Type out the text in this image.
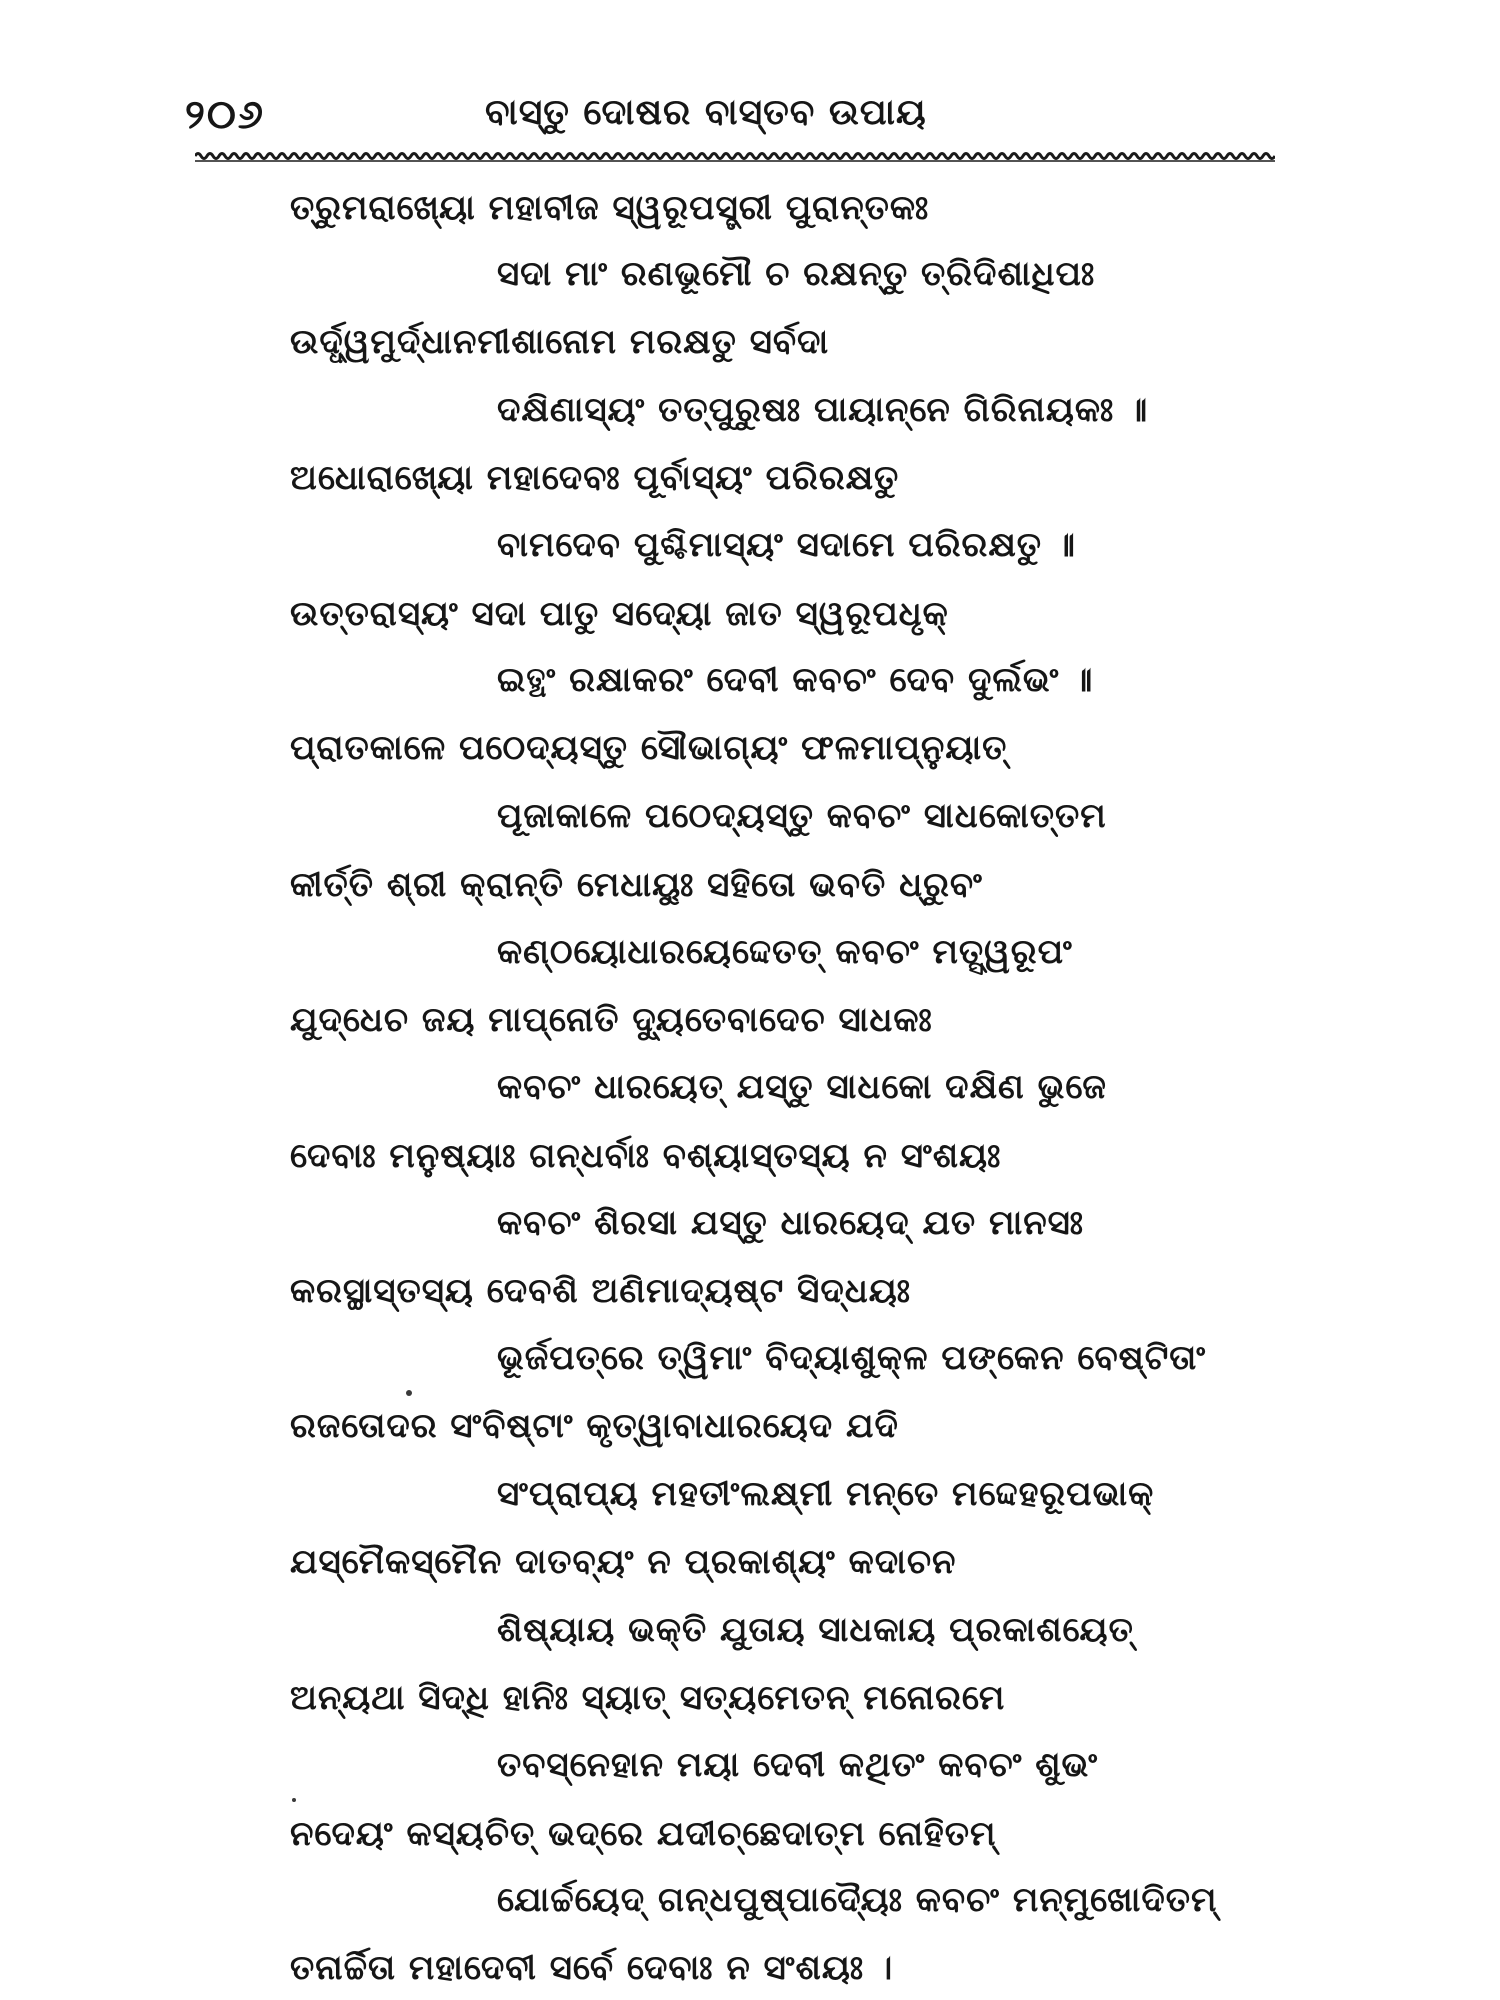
୨୦୬	ବାସ୍ତୁ ଦୋଷର ବାସ୍ତବ ଉପାୟ
ତ୍ରୁମରାଖ୍ୟୋ ମହାବୀଜ ସ୍ୱରୂପସ୍ତ୍ରୀ ପୁରାନ୍ତକଃ
ସଦା ମାଂ ରଣଭୂମୌ ଚ ରକ୍ଷନ୍ତୁ ତ୍ରିଦିଶାଧିପଃ
ଉର୍ଦ୍ଧ୍ୱମୁର୍ଦ୍ଧାନମୀଶାନୋମ ମରକ୍ଷତୁ ସର୍ବଦା
ଦକ୍ଷିଣାସ୍ୟଂ ତତ୍ପୁରୁଷଃ ପାୟାନ୍ନେ ଗିରିନାୟକଃ ॥
ଅଧୋରାଖ୍ୟୋ ମହାଦେବଃ ପୂର୍ବାସ୍ୟଂ ପରିରକ୍ଷତୁ
ବାମଦେବ ପୁଶ୍ଚିମାସ୍ୟଂ ସଦାମେ ପରିରକ୍ଷତୁ ॥
ଉତ୍ତରାସ୍ୟଂ ସଦା ପାତୁ ସଦ୍ୟୋ ଜାତ ସ୍ୱରୂପଧୃକ୍
ଇତ୍ଥଂ ରକ୍ଷାକରଂ ଦେବୀ କବଚଂ ଦେବ ଦୁର୍ଲଭଂ ॥
ପ୍ରାତକାଳେ ପଠେଦ୍ୟସ୍ତୁ ସୌଭାଗ୍ୟଂ ଫଳମାପ୍ନୁୟାତ୍
ପୂଜାକାଳେ ପଠେଦ୍ୟସ୍ତୁ କବଚଂ ସାଧକୋତ୍ତମ
କୀର୍ତ୍ତି ଶ୍ରୀ କ୍ରାନ୍ତି ମେଧାୟୁଃ ସହିତୋ ଭବତି ଧ୍ରୁବଂ
କଣ୍ଠୟୋଧାରୟେଦ୍ଦେତତ୍ କବଚଂ ମତ୍ସ୍ୱରୂପଂ
ଯୁଦ୍ଧେଚ ଜୟ ମାପ୍ନୋତି ଦ୍ୟୁତେବାଦେଚ ସାଧକଃ
କବଚଂ ଧାରୟେତ୍ ଯସ୍ତୁ ସାଧକୋ ଦକ୍ଷିଣ ଭୁଜେ
ଦେବାଃ ମନୁଷ୍ୟାଃ ଗନ୍ଧର୍ବାଃ ବଶ୍ୟାସ୍ତସ୍ୟ ନ ସଂଶୟଃ
କବଚଂ ଶିରସା ଯସ୍ତୁ ଧାରୟେଦ୍ ଯତ ମାନସଃ
କରସ୍ଥାସ୍ତସ୍ୟ ଦେବଶି ଅଣିମାଦ୍ୟଷ୍ଟ ସିଦ୍ଧୟଃ
ଭୂର୍ଜପତ୍ରେ ତ୍ୱିମାଂ ବିଦ୍ୟାଶୁକ୍ଳ ପଙ୍କେନ ବେଷ୍ଟିତାଂ
ରଜତୋଦର ସଂବିଷ୍ଟାଂ କୃତ୍ୱାବାଧାରୟେଦ ଯଦି
ସଂପ୍ରାପ୍ୟ ମହତୀଂଲକ୍ଷ୍ମୀ ମନ୍ତେ ମଦ୍ଦେହରୂପଭାକ୍
ଯସ୍ମୈକସ୍ମୈନ ଦାତବ୍ୟଂ ନ ପ୍ରକାଶ୍ୟଂ କଦାଚନ
ଶିଷ୍ୟାୟ ଭକ୍ତି ଯୁତାୟ ସାଧକାୟ ପ୍ରକାଶୟେତ୍
ଅନ୍ୟଥା ସିଦ୍ଧି ହାନିଃ ସ୍ୟାତ୍ ସତ୍ୟମେତନ୍ ମନୋରମେ
ତବସ୍ନେହାନ ମୟା ଦେବୀ କଥିତଂ କବଚଂ ଶୁଭଂ
ନଦେୟଂ କସ୍ୟଚିତ୍ ଭଦ୍ରେ ଯଦୀଚ୍ଛେଦାତ୍ମ ନୋହିତମ୍
ଯୋର୍ଚ୍ଚୟେଦ୍ ଗନ୍ଧପୁଷ୍ପାଦ୍ୟୈଃ କବଚଂ ମନ୍ମୁଖୋଦିତମ୍
ତନାର୍ଚ୍ଚିତା ମହାଦେବୀ ସର୍ବେ ଦେବାଃ ନ ସଂଶୟଃ ।
